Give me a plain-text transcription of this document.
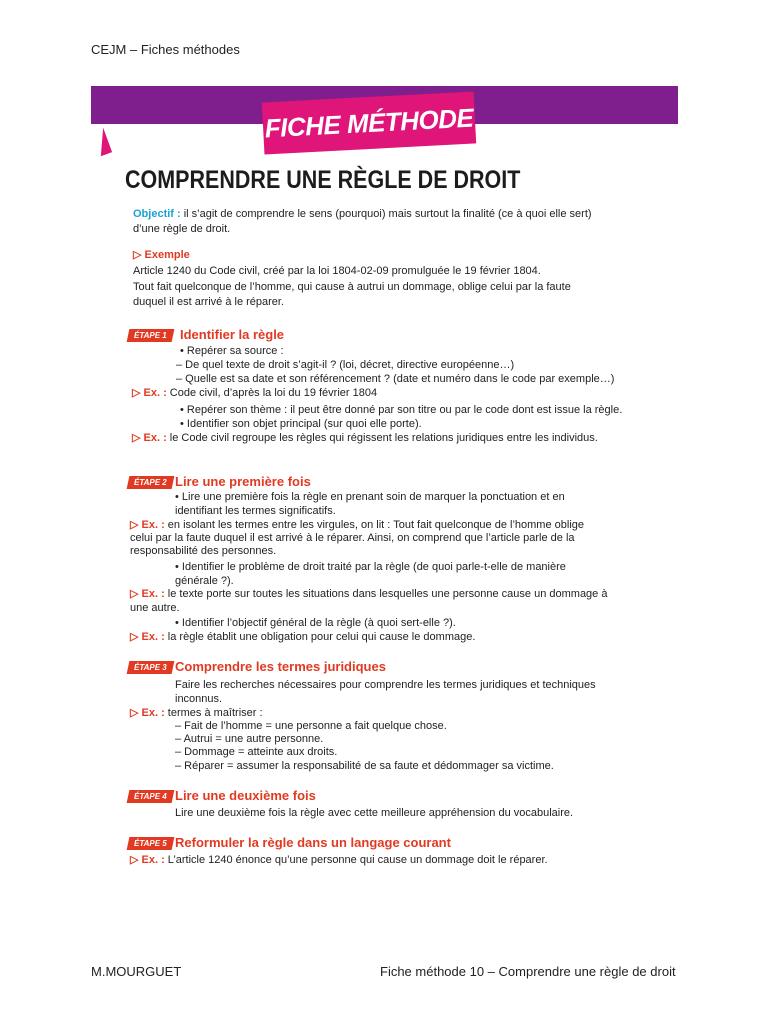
CEJM – Fiches méthodes
FICHE MÉTHODE
COMPRENDRE UNE RÈGLE DE DROIT
Objectif : il s’agit de comprendre le sens (pourquoi) mais surtout la finalité (ce à quoi elle sert)
d’une règle de droit.
▷ Exemple
Article 1240 du Code civil, créé par la loi 1804-02-09 promulguée le 19 février 1804.
Tout fait quelconque de l’homme, qui cause à autrui un dommage, oblige celui par la faute
duquel il est arrivé à le réparer.
ÉTAPE 1 Identifier la règle
• Repérer sa source :
– De quel texte de droit s’agit-il ? (loi, décret, directive européenne…)
– Quelle est sa date et son référencement ? (date et numéro dans le code par exemple…)
▷ Ex. : Code civil, d’après la loi du 19 février 1804
• Repérer son thème : il peut être donné par son titre ou par le code dont est issue la règle.
• Identifier son objet principal (sur quoi elle porte).
▷ Ex. : le Code civil regroupe les règles qui régissent les relations juridiques entre les individus.
ÉTAPE 2 Lire une première fois
• Lire une première fois la règle en prenant soin de marquer la ponctuation et en
identifiant les termes significatifs.
▷ Ex. : en isolant les termes entre les virgules, on lit : Tout fait quelconque de l’homme oblige
celui par la faute duquel il est arrivé à le réparer. Ainsi, on comprend que l’article parle de la
responsabilité des personnes.
• Identifier le problème de droit traité par la règle (de quoi parle-t-elle de manière
générale ?).
▷ Ex. : le texte porte sur toutes les situations dans lesquelles une personne cause un dommage à
une autre.
• Identifier l’objectif général de la règle (à quoi sert-elle ?).
▷ Ex. : la règle établit une obligation pour celui qui cause le dommage.
ÉTAPE 3 Comprendre les termes juridiques
Faire les recherches nécessaires pour comprendre les termes juridiques et techniques
inconnus.
▷ Ex. : termes à maîtriser :
– Fait de l’homme = une personne a fait quelque chose.
– Autrui = une autre personne.
– Dommage = atteinte aux droits.
– Réparer = assumer la responsabilité de sa faute et dédommager sa victime.
ÉTAPE 4 Lire une deuxième fois
Lire une deuxième fois la règle avec cette meilleure appréhension du vocabulaire.
ÉTAPE 5 Reformuler la règle dans un langage courant
▷ Ex. : L’article 1240 énonce qu’une personne qui cause un dommage doit le réparer.
M.MOURGUET	Fiche méthode 10 – Comprendre une règle de droit
